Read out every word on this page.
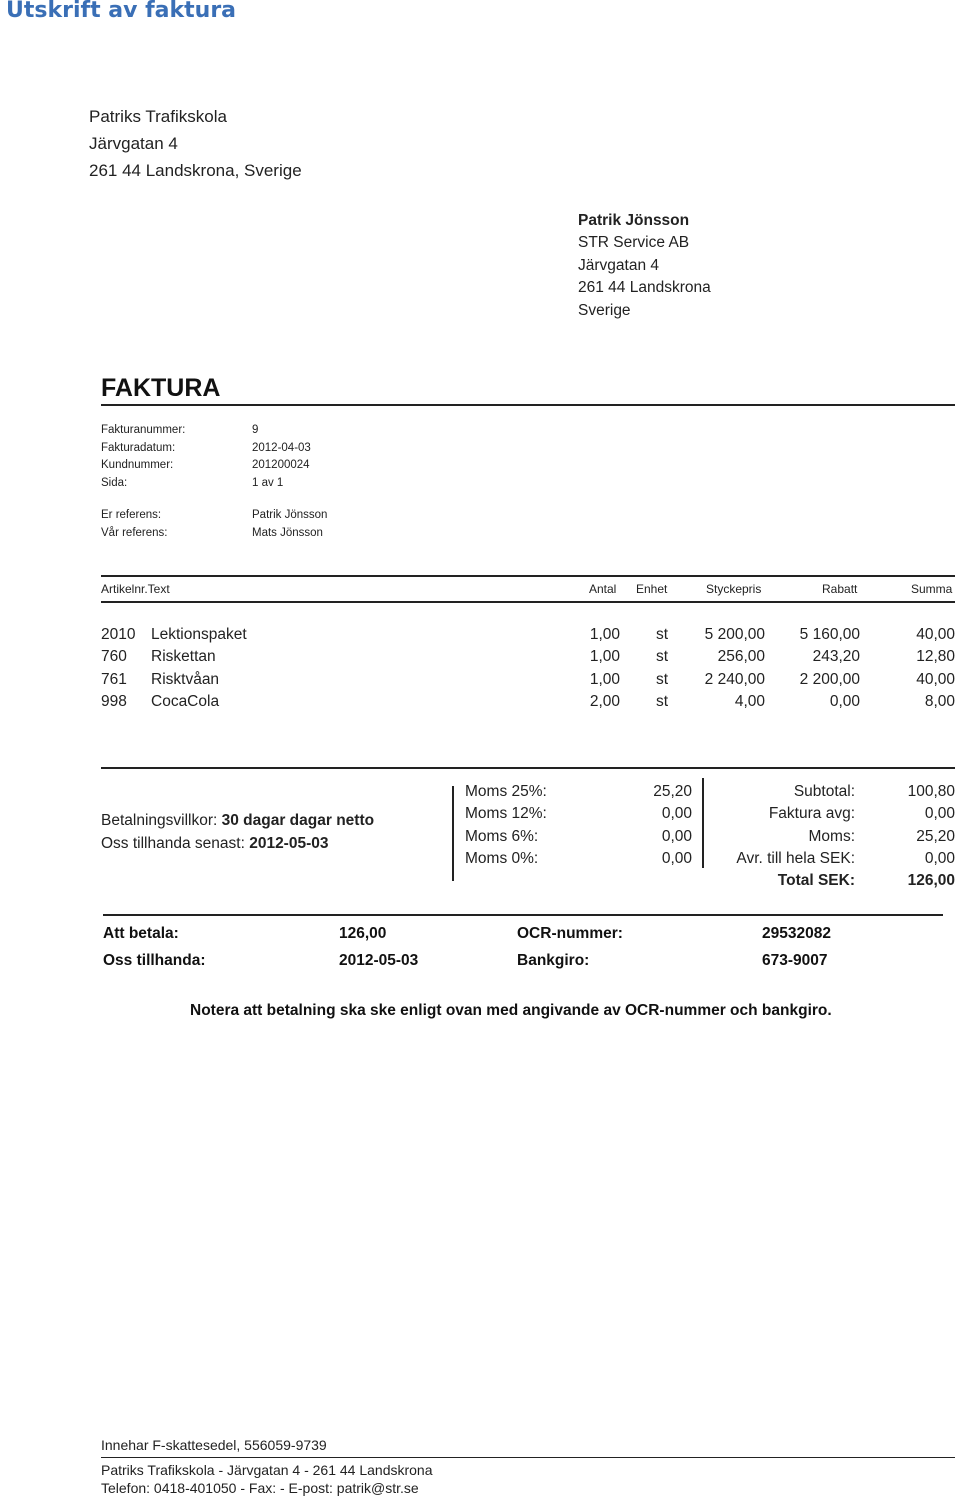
Utskrift av faktura
Patriks Trafikskola
Järvgatan 4
261 44 Landskrona, Sverige
Patrik Jönsson
STR Service AB
Järvgatan 4
261 44 Landskrona
Sverige
FAKTURA
Fakturanummer:	9
Fakturadatum:	2012-04-03
Kundnummer:	201200024
Sida:	1 av 1
Er referens:	Patrik Jönsson
Vår referens:	Mats Jönsson
Artikelnr.Text	Antal Enhet	Styckepris	Rabatt	Summa
2010 Lektionspaket	1,00 st	5 200,00	5 160,00	40,00
760 Riskettan	1,00 st	256,00	243,20	12,80
761 Risktvåan	1,00 st	2 240,00	2 200,00	40,00
998 CocaCola	2,00 st	4,00	0,00	8,00
Betalningsvillkor: 30 dagar dagar netto
Oss tillhanda senast: 2012-05-03
Moms 25%:	25,20
Moms 12%:	0,00
Moms 6%:	0,00
Moms 0%:	0,00
Subtotal:	100,80
Faktura avg:	0,00
Moms:	25,20
Avr. till hela SEK:	0,00
Total SEK:	126,00
Att betala:	126,00	OCR-nummer:	29532082
Oss tillhanda:	2012-05-03	Bankgiro:	673-9007
Notera att betalning ska ske enligt ovan med angivande av OCR-nummer och bankgiro.
Innehar F-skattesedel, 556059-9739
Patriks Trafikskola - Järvgatan 4 - 261 44 Landskrona
Telefon: 0418-401050 - Fax: - E-post: patrik@str.se
